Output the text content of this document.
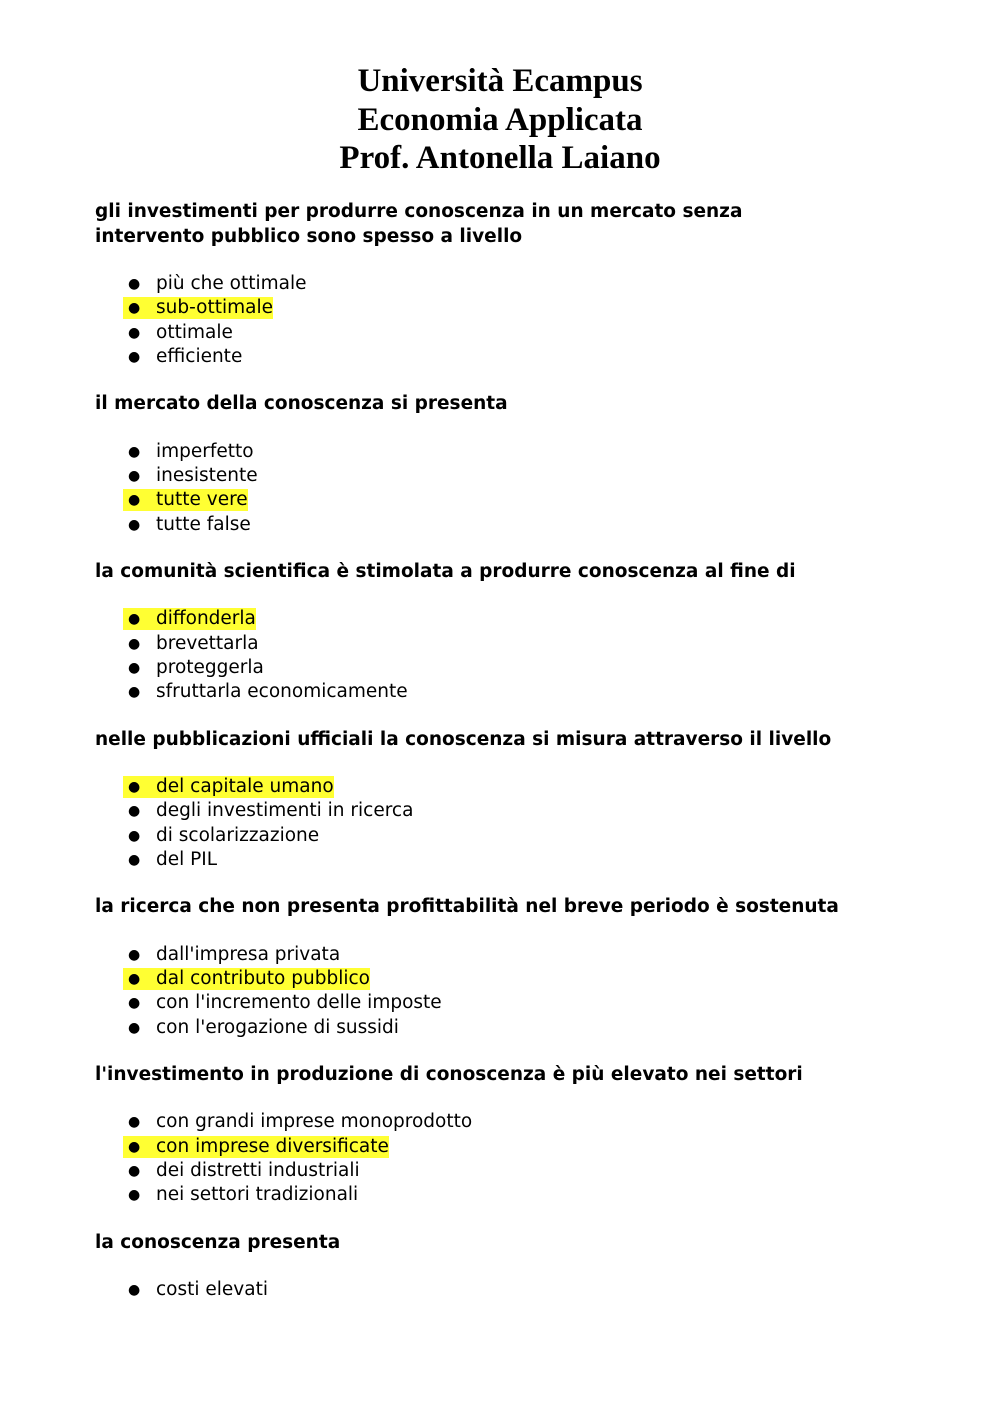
Università Ecampus
Economia Applicata
Prof. Antonella Laiano
gli investimenti per produrre conoscenza in un mercato senza intervento pubblico sono spesso a livello
● più che ottimale
● sub-ottimale
● ottimale
● efficiente
il mercato della conoscenza si presenta
● imperfetto
● inesistente
● tutte vere
● tutte false
la comunità scientifica è stimolata a produrre conoscenza al fine di
● diffonderla
● brevettarla
● proteggerla
● sfruttarla economicamente
nelle pubblicazioni ufficiali la conoscenza si misura attraverso il livello
● del capitale umano
● degli investimenti in ricerca
● di scolarizzazione
● del PIL
la ricerca che non presenta profittabilità nel breve periodo è sostenuta
● dall'impresa privata
● dal contributo pubblico
● con l'incremento delle imposte
● con l'erogazione di sussidi
l'investimento in produzione di conoscenza è più elevato nei settori
● con grandi imprese monoprodotto
● con imprese diversificate
● dei distretti industriali
● nei settori tradizionali
la conoscenza presenta
● costi elevati
